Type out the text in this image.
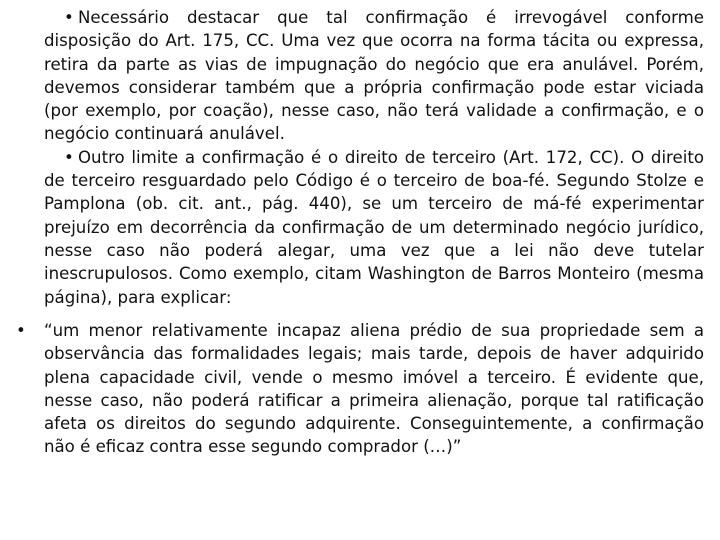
• Necessário destacar que tal confirmação é irrevogável conforme disposição do Art. 175, CC. Uma vez que ocorra na forma tácita ou expressa, retira da parte as vias de impugnação do negócio que era anulável. Porém, devemos considerar também que a própria confirmação pode estar viciada (por exemplo, por coação), nesse caso, não terá validade a confirmação, e o negócio continuará anulável.

• Outro limite a confirmação é o direito de terceiro (Art. 172, CC). O direito de terceiro resguardado pelo Código é o terceiro de boa-fé. Segundo Stolze e Pamplona (ob. cit. ant., pág. 440), se um terceiro de má-fé experimentar prejuízo em decorrência da confirmação de um determinado negócio jurídico, nesse caso não poderá alegar, uma vez que a lei não deve tutelar inescrupulosos. Como exemplo, citam Washington de Barros Monteiro (mesma página), para explicar:

• “um menor relativamente incapaz aliena prédio de sua propriedade sem a observância das formalidades legais; mais tarde, depois de haver adquirido plena capacidade civil, vende o mesmo imóvel a terceiro. É evidente que, nesse caso, não poderá ratificar a primeira alienação, porque tal ratificação afeta os direitos do segundo adquirente. Conseguintemente, a confirmação não é eficaz contra esse segundo comprador (…)”
